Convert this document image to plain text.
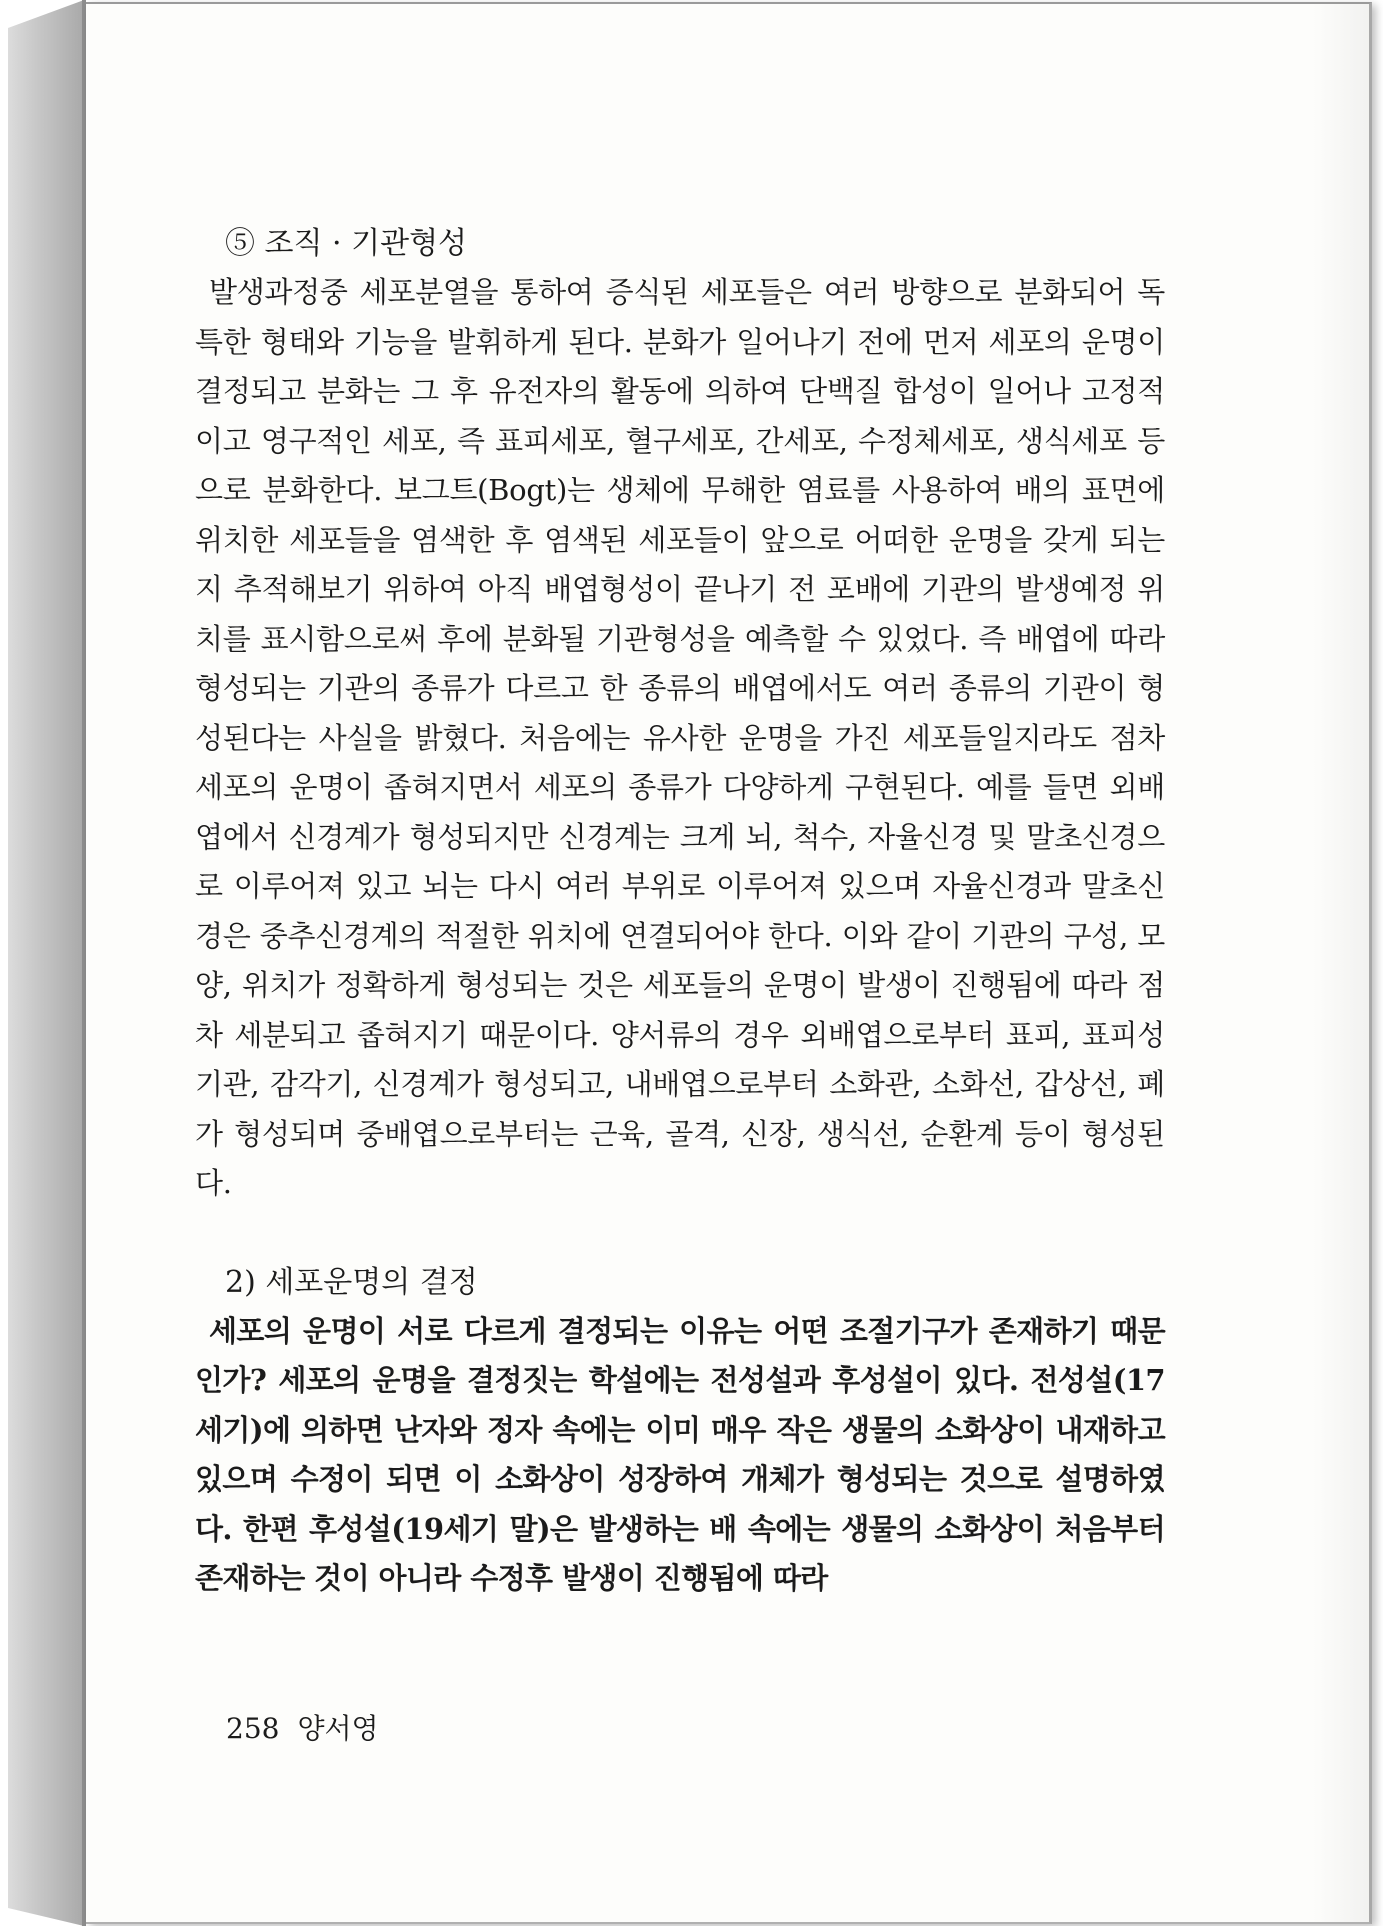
⑤ 조직 · 기관형성

발생과정중 세포분열을 통하여 증식된 세포들은 여러 방향으로 분화되어 독특한 형태와 기능을 발휘하게 된다. 분화가 일어나기 전에 먼저 세포의 운명이 결정되고 분화는 그 후 유전자의 활동에 의하여 단백질 합성이 일어나 고정적이고 영구적인 세포, 즉 표피세포, 혈구세포, 간세포, 수정체세포, 생식세포 등으로 분화한다. 보그트(Bogt)는 생체에 무해한 염료를 사용하여 배의 표면에 위치한 세포들을 염색한 후 염색된 세포들이 앞으로 어떠한 운명을 갖게 되는지 추적해보기 위하여 아직 배엽형성이 끝나기 전 포배에 기관의 발생예정 위치를 표시함으로써 후에 분화될 기관형성을 예측할 수 있었다. 즉 배엽에 따라 형성되는 기관의 종류가 다르고 한 종류의 배엽에서도 여러 종류의 기관이 형성된다는 사실을 밝혔다. 처음에는 유사한 운명을 가진 세포들일지라도 점차 세포의 운명이 좁혀지면서 세포의 종류가 다양하게 구현된다. 예를 들면 외배엽에서 신경계가 형성되지만 신경계는 크게 뇌, 척수, 자율신경 및 말초신경으로 이루어져 있고 뇌는 다시 여러 부위로 이루어져 있으며 자율신경과 말초신경은 중추신경계의 적절한 위치에 연결되어야 한다. 이와 같이 기관의 구성, 모양, 위치가 정확하게 형성되는 것은 세포들의 운명이 발생이 진행됨에 따라 점차 세분되고 좁혀지기 때문이다. 양서류의 경우 외배엽으로부터 표피, 표피성 기관, 감각기, 신경계가 형성되고, 내배엽으로부터 소화관, 소화선, 갑상선, 폐가 형성되며 중배엽으로부터는 근육, 골격, 신장, 생식선, 순환계 등이 형성된다.

2) 세포운명의 결정

세포의 운명이 서로 다르게 결정되는 이유는 어떤 조절기구가 존재하기 때문인가? 세포의 운명을 결정짓는 학설에는 전성설과 후성설이 있다. 전성설(17세기)에 의하면 난자와 정자 속에는 이미 매우 작은 생물의 소화상이 내재하고 있으며 수정이 되면 이 소화상이 성장하여 개체가 형성되는 것으로 설명하였다. 한편 후성설(19세기 말)은 발생하는 배 속에는 생물의 소화상이 처음부터 존재하는 것이 아니라 수정후 발생이 진행됨에 따라

258 양서영
